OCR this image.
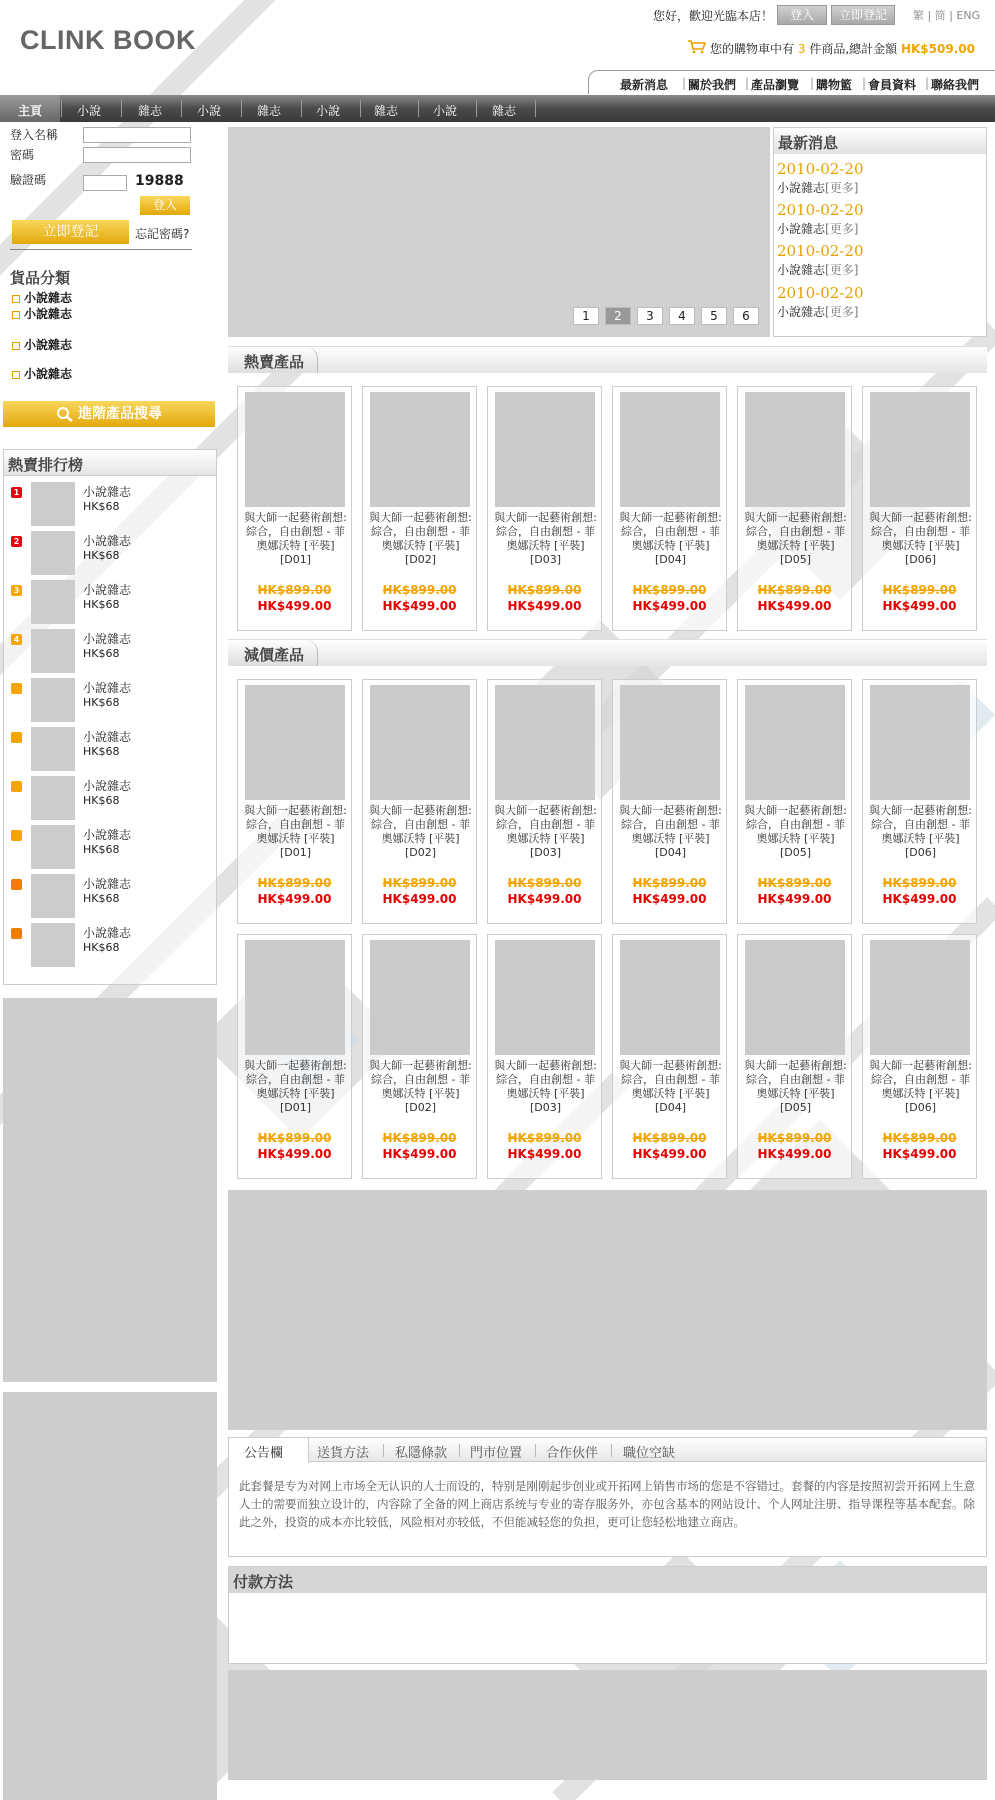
CLINK BOOK
您好，歡迎光臨本店！	登入	立即登記	繁 | 简 | ENG
您的購物車中有 3 件商品,總計金額 HK$509.00
最新消息 | 關於我們 | 產品瀏覽 | 購物籃 | 會員資料 | 聯絡我們
主頁	小說	雜志	小說	雜志	小說	雜志	小說	雜志
登入名稱
密碼
驗證碼	19888
登入
立即登記	忘記密碼?
貨品分類
小說雜志
小說雜志
小說雜志
小說雜志
進階產品搜尋
熱賣排行榜
1	小說雜志
HK$68
2	小說雜志
HK$68
3	小說雜志
HK$68
4	小說雜志
HK$68
小說雜志
HK$68
小說雜志
HK$68
小說雜志
HK$68
小說雜志
HK$68
小說雜志
HK$68
小說雜志
HK$68
1	2	3	4	5	6
最新消息
2010-02-20
小說雜志[更多]
2010-02-20
小說雜志[更多]
2010-02-20
小說雜志[更多]
2010-02-20
小說雜志[更多]
熱賣產品
與大師一起藝術創想:綜合，自由創想 - 菲奧娜沃特 [平裝][D01]
HK$899.00
HK$499.00
與大師一起藝術創想:綜合，自由創想 - 菲奧娜沃特 [平裝][D02]
HK$899.00
HK$499.00
與大師一起藝術創想:綜合，自由創想 - 菲奧娜沃特 [平裝][D03]
HK$899.00
HK$499.00
與大師一起藝術創想:綜合，自由創想 - 菲奧娜沃特 [平裝][D04]
HK$899.00
HK$499.00
與大師一起藝術創想:綜合，自由創想 - 菲奧娜沃特 [平裝][D05]
HK$899.00
HK$499.00
與大師一起藝術創想:綜合，自由創想 - 菲奧娜沃特 [平裝][D06]
HK$899.00
HK$499.00
減價產品
與大師一起藝術創想:綜合，自由創想 - 菲奧娜沃特 [平裝][D01]
HK$899.00
HK$499.00
與大師一起藝術創想:綜合，自由創想 - 菲奧娜沃特 [平裝][D02]
HK$899.00
HK$499.00
與大師一起藝術創想:綜合，自由創想 - 菲奧娜沃特 [平裝][D03]
HK$899.00
HK$499.00
與大師一起藝術創想:綜合，自由創想 - 菲奧娜沃特 [平裝][D04]
HK$899.00
HK$499.00
與大師一起藝術創想:綜合，自由創想 - 菲奧娜沃特 [平裝][D05]
HK$899.00
HK$499.00
與大師一起藝術創想:綜合，自由創想 - 菲奧娜沃特 [平裝][D06]
HK$899.00
HK$499.00
與大師一起藝術創想:綜合，自由創想 - 菲奧娜沃特 [平裝][D01]
HK$899.00
HK$499.00
與大師一起藝術創想:綜合，自由創想 - 菲奧娜沃特 [平裝][D02]
HK$899.00
HK$499.00
與大師一起藝術創想:綜合，自由創想 - 菲奧娜沃特 [平裝][D03]
HK$899.00
HK$499.00
與大師一起藝術創想:綜合，自由創想 - 菲奧娜沃特 [平裝][D04]
HK$899.00
HK$499.00
與大師一起藝術創想:綜合，自由創想 - 菲奧娜沃特 [平裝][D05]
HK$899.00
HK$499.00
與大師一起藝術創想:綜合，自由創想 - 菲奧娜沃特 [平裝][D06]
HK$899.00
HK$499.00
公告欄	送貨方法 私隱條款 門市位置 合作伙伴 職位空缺
此套餐是专为对网上市场全无认识的人士而设的，特别是刚刚起步创业或开拓网上销售市场的您是不容错过。套餐的内容是按照初尝开拓网上生意人士的需要而独立设计的，内容除了全备的网上商店系统与专业的寄存服务外，亦包含基本的网站设计、个人网址注册、指导课程等基本配套。除此之外，投资的成本亦比较低，风险相对亦较低，不但能减轻您的负担，更可让您轻松地建立商店。
付款方法
